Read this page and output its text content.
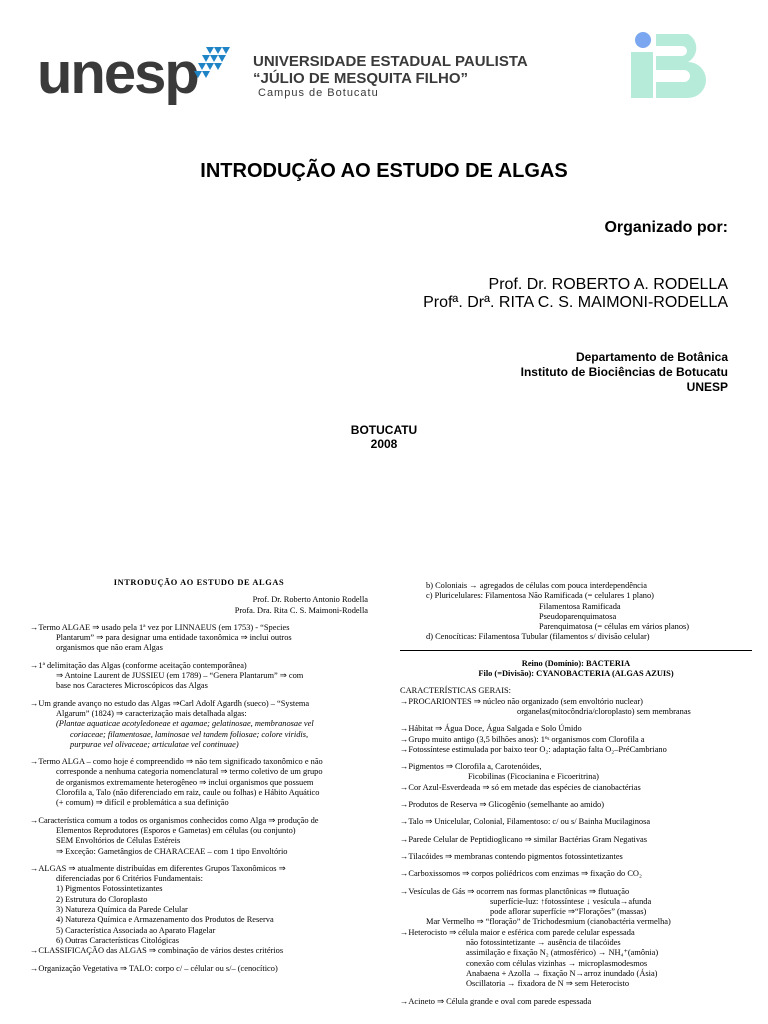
unesp	UNIVERSIDADE ESTADUAL PAULISTA
“JÚLIO DE MESQUITA FILHO”
Campus de Botucatu
INTRODUÇÃO AO ESTUDO DE ALGAS
Organizado por:
Prof. Dr. ROBERTO A. RODELLA
Profª. Drª. RITA C. S. MAIMONI-RODELLA
Departamento de Botânica
Instituto de Biociências de Botucatu
UNESP
BOTUCATU
2008

INTRODUÇÃO AO ESTUDO DE ALGAS

Prof. Dr. Roberto Antonio Rodella

Profa. Dra. Rita C. S. Maimoni-Rodella

→Termo ALGAE ⇒ usado pela 1ª vez por LINNAEUS (em 1753) - “Species

Plantarum” ⇒ para designar uma entidade taxonômica ⇒ inclui outros

organismos que não eram Algas

→1ª delimitação das Algas (conforme aceitação contemporânea)

⇒ Antoine Laurent de JUSSIEU (em 1789) – “Genera Plantarum” ⇒ com

base nos Caracteres Microscópicos das Algas

→Um grande avanço no estudo das Algas ⇒Carl Adolf Agardh (sueco) – “Systema

Algarum” (1824) ⇒ caracterização mais detalhada algas:

(Plantae aquaticae acotyledoneae et agamae; gelatinosae, membranosae vel

coriaceae; filamentosae, laminosae vel tandem foliosae; colore viridis,

purpurae vel olivaceae; articulatae vel continuae)

→Termo ALGA – como hoje é compreendido ⇒ não tem significado taxonômico e não

corresponde a nenhuma categoria nomenclatural ⇒ termo coletivo de um grupo

de organismos extremamente heterogêneo ⇒ inclui organismos que possuem

Clorofila a, Talo (não diferenciado em raiz, caule ou folhas) e Hábito Aquático

(+ comum) ⇒ difícil e problemática a sua definição

→Característica comum a todos os organismos conhecidos como Alga ⇒ produção de

Elementos Reprodutores (Esporos e Gametas) em células (ou conjunto)

SEM Envoltórios de Células Estéreis

⇒ Exceção: Gametângios de CHARACEAE – com 1 tipo Envoltório

→ALGAS ⇒ atualmente distribuídas em diferentes Grupos Taxonômicos ⇒

diferenciadas por 6 Critérios Fundamentais:

1) Pigmentos Fotossintetizantes

2) Estrutura do Cloroplasto

3) Natureza Química da Parede Celular

4) Natureza Química e Armazenamento dos Produtos de Reserva

5) Característica Associada ao Aparato Flagelar

6) Outras Características Citológicas

→CLASSIFICAÇÃO das ALGAS ⇒ combinação de vários destes critérios

→Organização Vegetativa ⇒ TALO: corpo c/ – célular ou s/– (cenocítico)

b) Coloniais → agregados de células com pouca interdependência

c) Pluricelulares: Filamentosa Não Ramificada (= celulares 1 plano)

Filamentosa Ramificada

Pseudoparenquimatosa

Parenquimatosa (= células em vários planos)

d) Cenocíticas: Filamentosa Tubular (filamentos s/ divisão celular)

Reino (Domínio): BACTERIA

Filo (=Divisão): CYANOBACTERIA (ALGAS AZUIS)

CARACTERÍSTICAS GERAIS:

→PROCARIONTES ⇒ núcleo não organizado (sem envoltório nuclear)

organelas(mitocôndria/cloroplasto) sem membranas

→Hábitat ⇒ Água Doce, Água Salgada e Solo Úmido

→Grupo muito antigo (3,5 bilhões anos): 1ºˢ organismos com Clorofila a

→Fotossíntese estimulada por baixo teor O₂: adaptação falta O₂–PréCambriano

→Pigmentos ⇒ Clorofila a, Carotenóides,

Ficobilinas (Ficocianina e Ficoeritrina)

→Cor Azul-Esverdeada ⇒ só em metade das espécies de cianobactérias

→Produtos de Reserva ⇒ Glicogênio (semelhante ao amido)

→Talo ⇒ Unicelular, Colonial, Filamentoso: c/ ou s/ Bainha Mucilaginosa

→Parede Celular de Peptidioglicano ⇒ similar Bactérias Gram Negativas

→Tilacóides ⇒ membranas contendo pigmentos fotossintetizantes

→Carboxissomos ⇒ corpos poliédricos com enzimas ⇒ fixação do CO₂

→Vesículas de Gás ⇒ ocorrem nas formas planctônicas ⇒ flutuação

superfície-luz: ↑fotossíntese ↓ vesícula→afunda

pode aflorar superfície ⇒“Florações” (massas)

Mar Vermelho ⇒ “floração” de Trichodesmium (cianobactéria vermelha)

→Heterocisto ⇒ célula maior e esférica com parede celular espessada

não fotossintetizante → ausência de tilacóides

assimilação e fixação N₂ (atmosférico) → NH₄⁺(amônia)

conexão com células vizinhas → microplasmodesmos

Anabaena + Azolla → fixação N→arroz inundado (Ásia)

Oscillatoria → fixadora de N ⇒ sem Heterocisto

→Acineto ⇒ Célula grande e oval com parede espessada
